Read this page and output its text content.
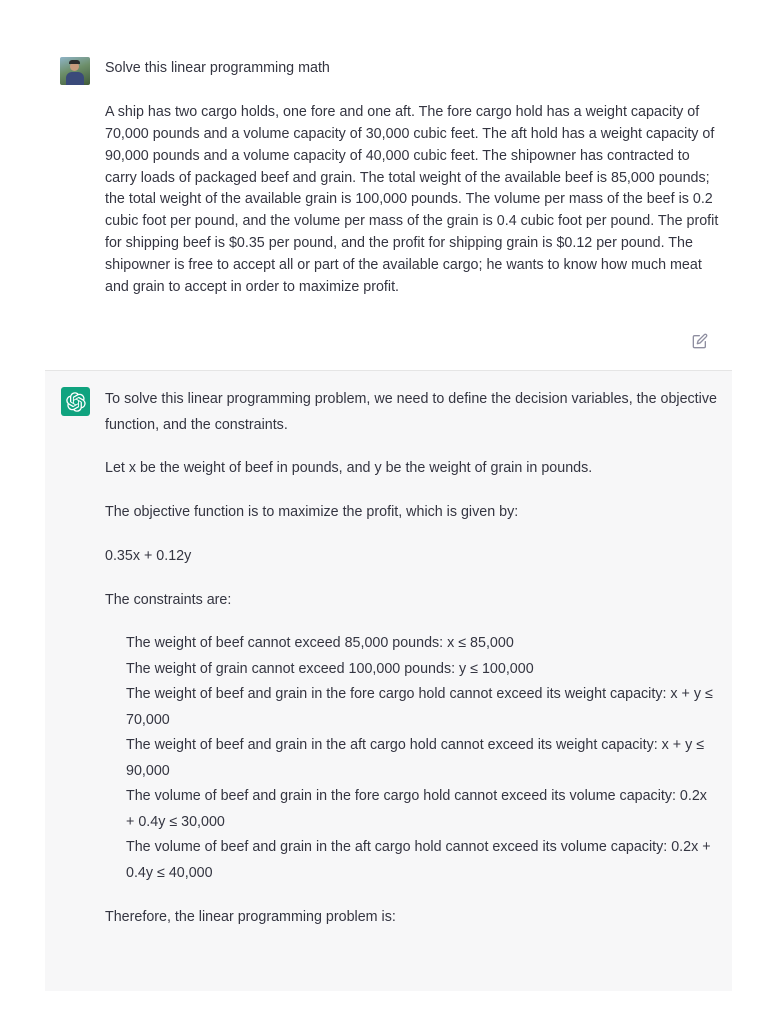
Solve this linear programming math

A ship has two cargo holds, one fore and one aft. The fore cargo hold has a weight capacity of 70,000 pounds and a volume capacity of 30,000 cubic feet. The aft hold has a weight capacity of 90,000 pounds and a volume capacity of 40,000 cubic feet. The shipowner has contracted to carry loads of packaged beef and grain. The total weight of the available beef is 85,000 pounds; the total weight of the available grain is 100,000 pounds. The volume per mass of the beef is 0.2 cubic foot per pound, and the volume per mass of the grain is 0.4 cubic foot per pound. The profit for shipping beef is $0.35 per pound, and the profit for shipping grain is $0.12 per pound. The shipowner is free to accept all or part of the available cargo; he wants to know how much meat and grain to accept in order to maximize profit.

To solve this linear programming problem, we need to define the decision variables, the objective function, and the constraints.

Let x be the weight of beef in pounds, and y be the weight of grain in pounds.

The objective function is to maximize the profit, which is given by:

0.35x + 0.12y

The constraints are:

The weight of beef cannot exceed 85,000 pounds: x ≤ 85,000
The weight of grain cannot exceed 100,000 pounds: y ≤ 100,000
The weight of beef and grain in the fore cargo hold cannot exceed its weight capacity: x + y ≤ 70,000
The weight of beef and grain in the aft cargo hold cannot exceed its weight capacity: x + y ≤ 90,000
The volume of beef and grain in the fore cargo hold cannot exceed its volume capacity: 0.2x + 0.4y ≤ 30,000
The volume of beef and grain in the aft cargo hold cannot exceed its volume capacity: 0.2x + 0.4y ≤ 40,000

Therefore, the linear programming problem is:
